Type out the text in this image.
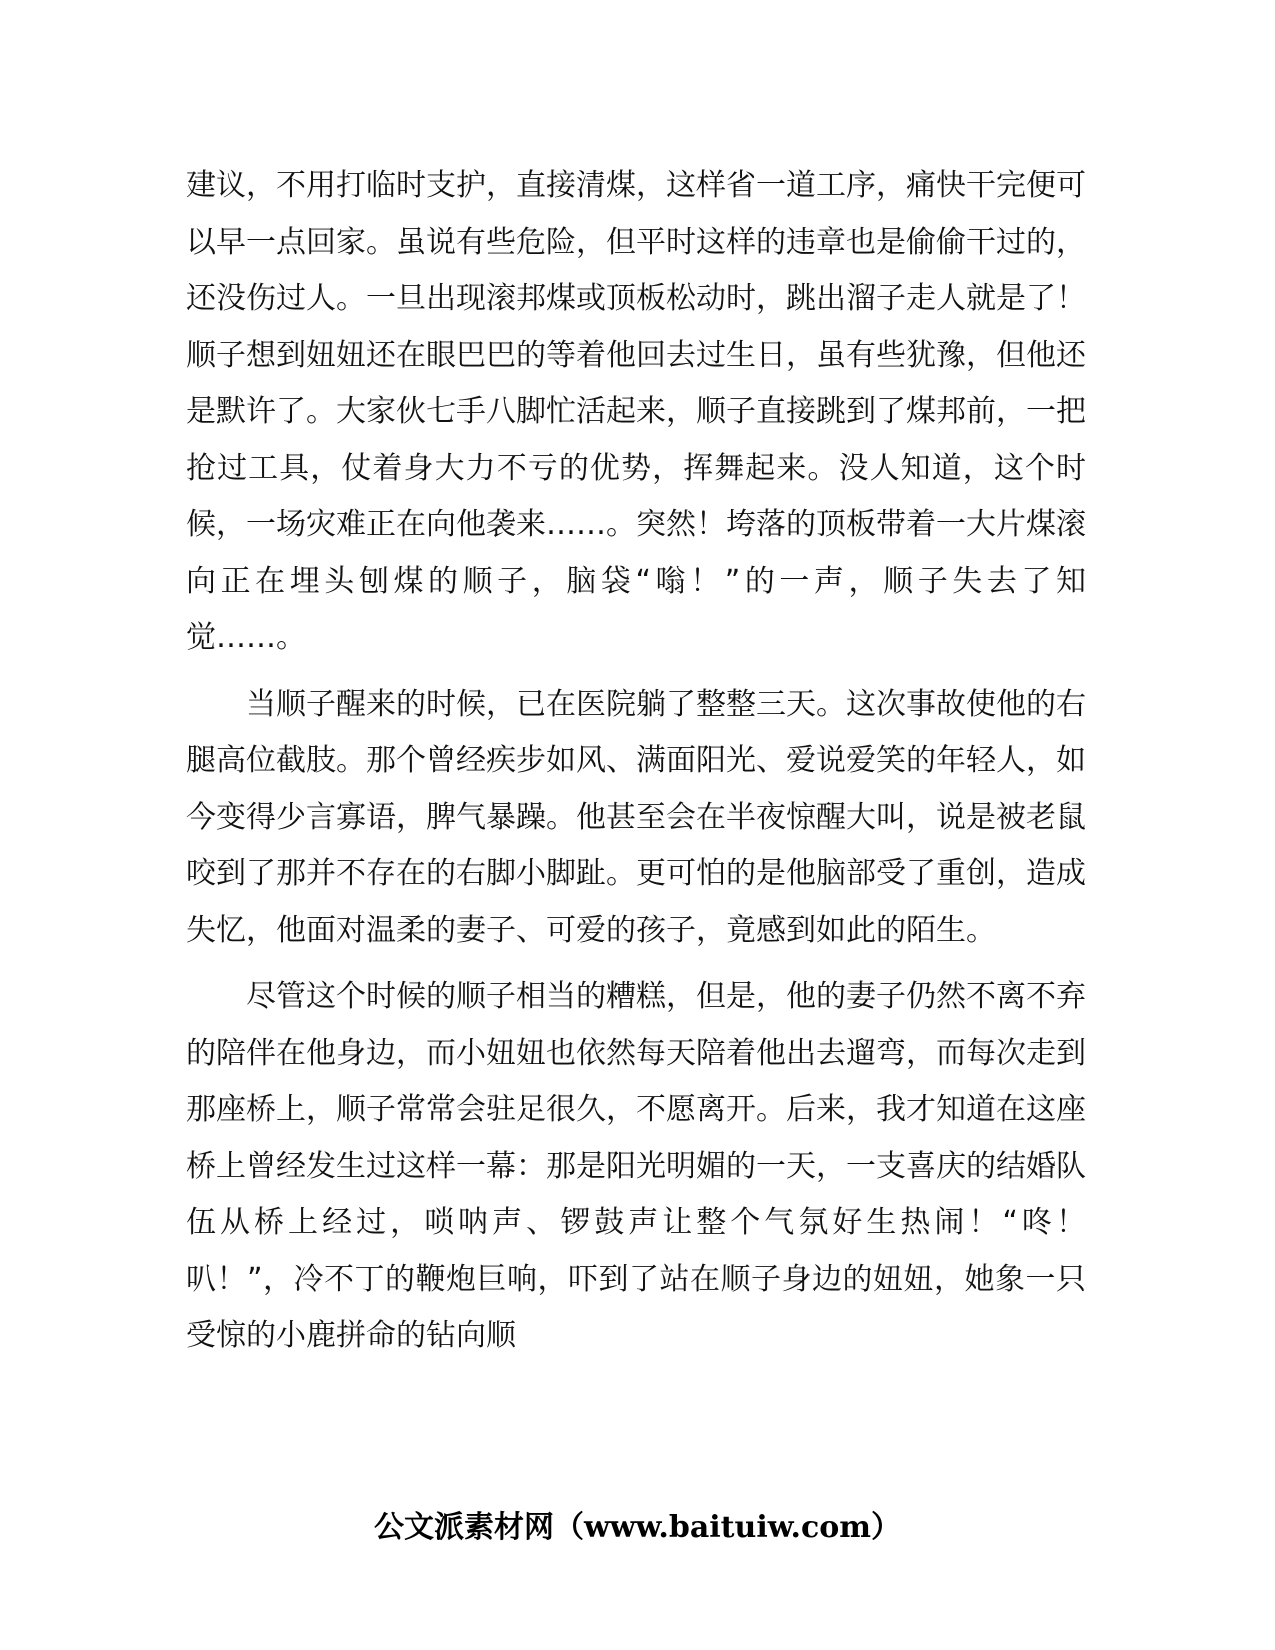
建议，不用打临时支护，直接清煤，这样省一道工序，痛快干完便可以早一点回家。虽说有些危险，但平时这样的违章也是偷偷干过的，还没伤过人。一旦出现滚邦煤或顶板松动时，跳出溜子走人就是了！顺子想到妞妞还在眼巴巴的等着他回去过生日，虽有些犹豫，但他还是默许了。大家伙七手八脚忙活起来，顺子直接跳到了煤邦前，一把抢过工具，仗着身大力不亏的优势，挥舞起来。没人知道，这个时候，一场灾难正在向他袭来……。突然！垮落的顶板带着一大片煤滚向正在埋头刨煤的顺子，脑袋“嗡！”的一声，顺子失去了知觉……。

当顺子醒来的时候，已在医院躺了整整三天。这次事故使他的右腿高位截肢。那个曾经疾步如风、满面阳光、爱说爱笑的年轻人，如今变得少言寡语，脾气暴躁。他甚至会在半夜惊醒大叫，说是被老鼠咬到了那并不存在的右脚小脚趾。更可怕的是他脑部受了重创，造成失忆，他面对温柔的妻子、可爱的孩子，竟感到如此的陌生。

尽管这个时候的顺子相当的糟糕，但是，他的妻子仍然不离不弃的陪伴在他身边，而小妞妞也依然每天陪着他出去遛弯，而每次走到那座桥上，顺子常常会驻足很久，不愿离开。后来，我才知道在这座桥上曾经发生过这样一幕：那是阳光明媚的一天，一支喜庆的结婚队伍从桥上经过，唢呐声、锣鼓声让整个气氛好生热闹！“咚！叭！”，冷不丁的鞭炮巨响，吓到了站在顺子身边的妞妞，她象一只受惊的小鹿拼命的钻向顺

公文派素材网（www.baituiw.com）
